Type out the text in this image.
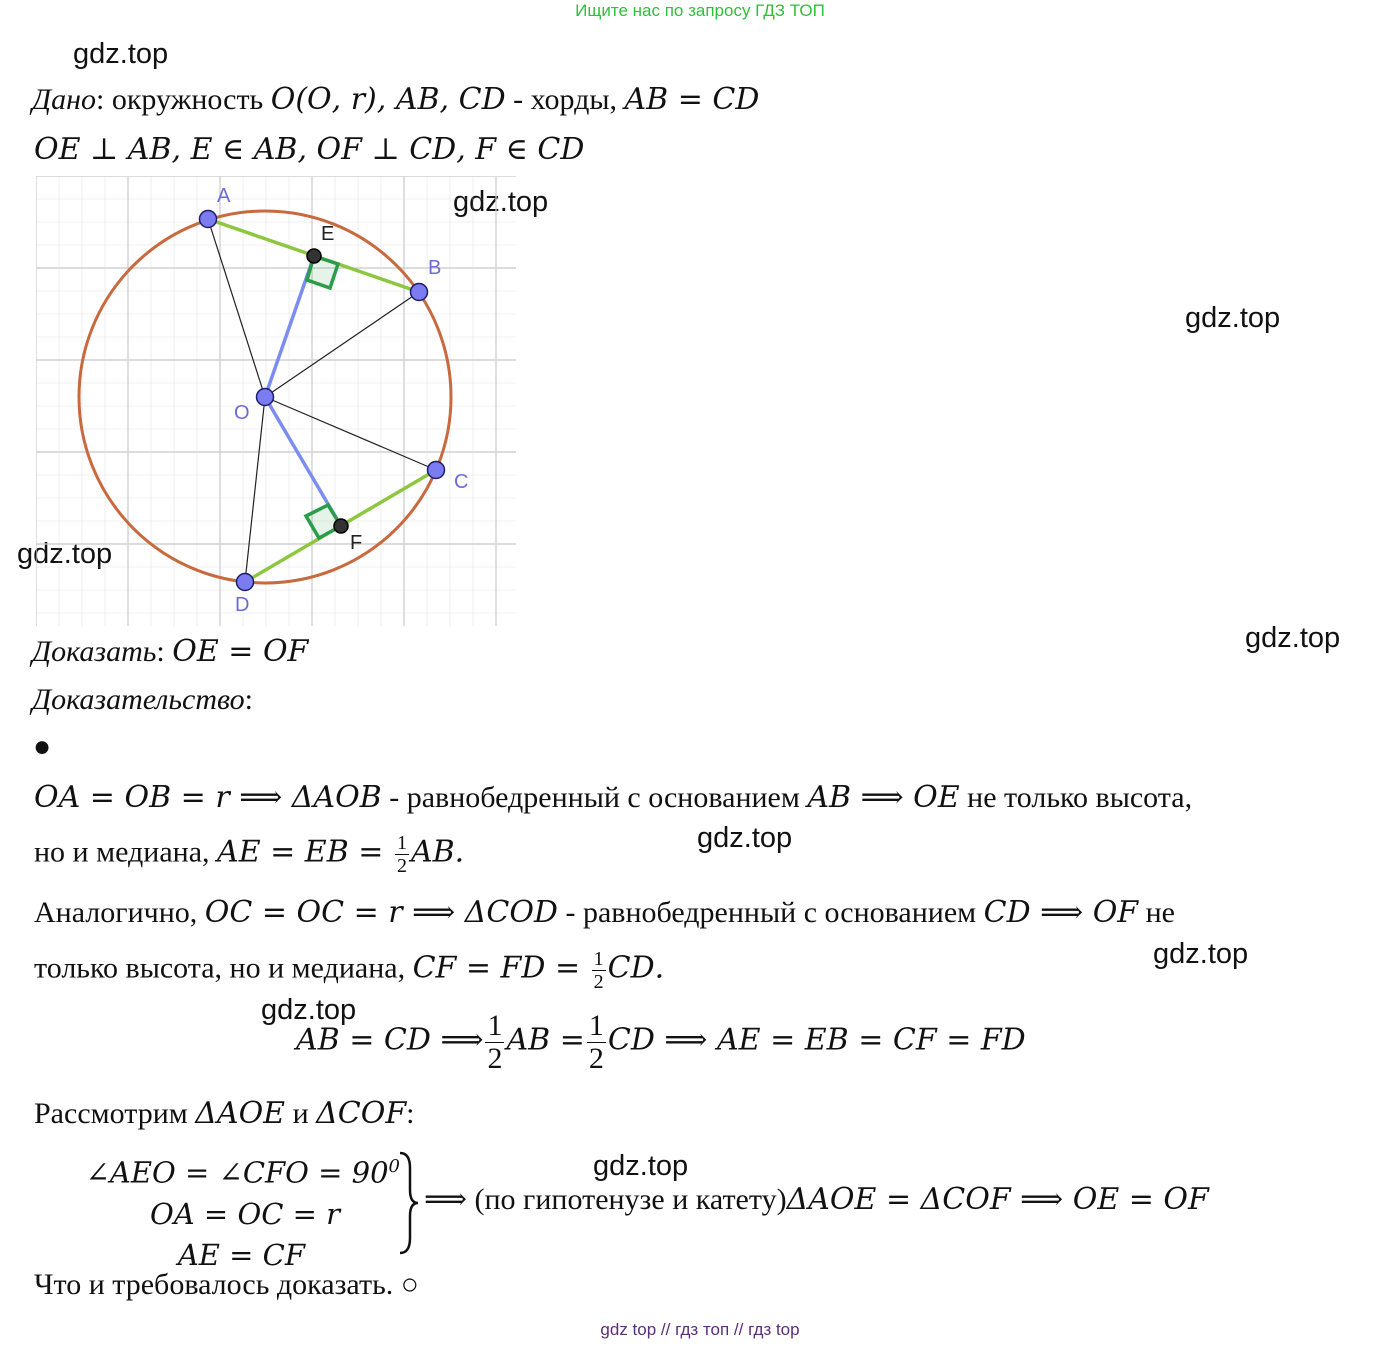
Ищите нас по запросу ГДЗ ТОП
gdz.top
gdz.top
gdz.top
gdz.top
gdz.top
gdz.top
gdz.top
gdz.top
gdz.top
Дано: окружность 𝑂(𝑂, 𝑟), 𝐴𝐵, 𝐶𝐷 - хорды, 𝐴𝐵 = 𝐶𝐷
𝑂𝐸 ⊥ 𝐴𝐵, 𝐸 ∈ 𝐴𝐵, 𝑂𝐹 ⊥ 𝐶𝐷, 𝐹 ∈ 𝐶𝐷
A
B
C
D
O
E
F
Доказать: 𝑂𝐸 = 𝑂𝐹
Доказательство:
●
𝑂𝐴 = 𝑂𝐵 = 𝑟 ⟹ Δ𝐴𝑂𝐵 - равнобедренный с основанием 𝐴𝐵 ⟹ 𝑂𝐸 не только высота,
но и медиана, 𝐴𝐸 = 𝐸𝐵 = $\frac{1}{2}$ 𝐴𝐵.
Аналогично, 𝑂𝐶 = 𝑂𝐶 = 𝑟 ⟹ Δ𝐶𝑂𝐷 - равнобедренный с основанием 𝐶𝐷 ⟹ 𝑂𝐹 не
только высота, но и медиана, 𝐶𝐹 = 𝐹𝐷 = $\frac{1}{2}$ 𝐶𝐷.
𝐴𝐵 = 𝐶𝐷 ⟹ $\frac{1}{2}$ 𝐴𝐵 = $\frac{1}{2}$ 𝐶𝐷 ⟹ 𝐴𝐸 = 𝐸𝐵 = 𝐶𝐹 = 𝐹𝐷
Рассмотрим Δ𝐴𝑂𝐸 и Δ𝐶𝑂𝐹:
∠𝐴𝐸𝑂 = ∠𝐶𝐹𝑂 = $90^0$
𝑂𝐴 = 𝑂𝐶 = 𝑟
𝐴𝐸 = 𝐶𝐹
⟹ (по гипотенузе и катету)Δ𝐴𝑂𝐸 = Δ𝐶𝑂𝐹 ⟹ 𝑂𝐸 = 𝑂𝐹
Что и требовалось доказать. ○
gdz top // гдз топ // гдз top
